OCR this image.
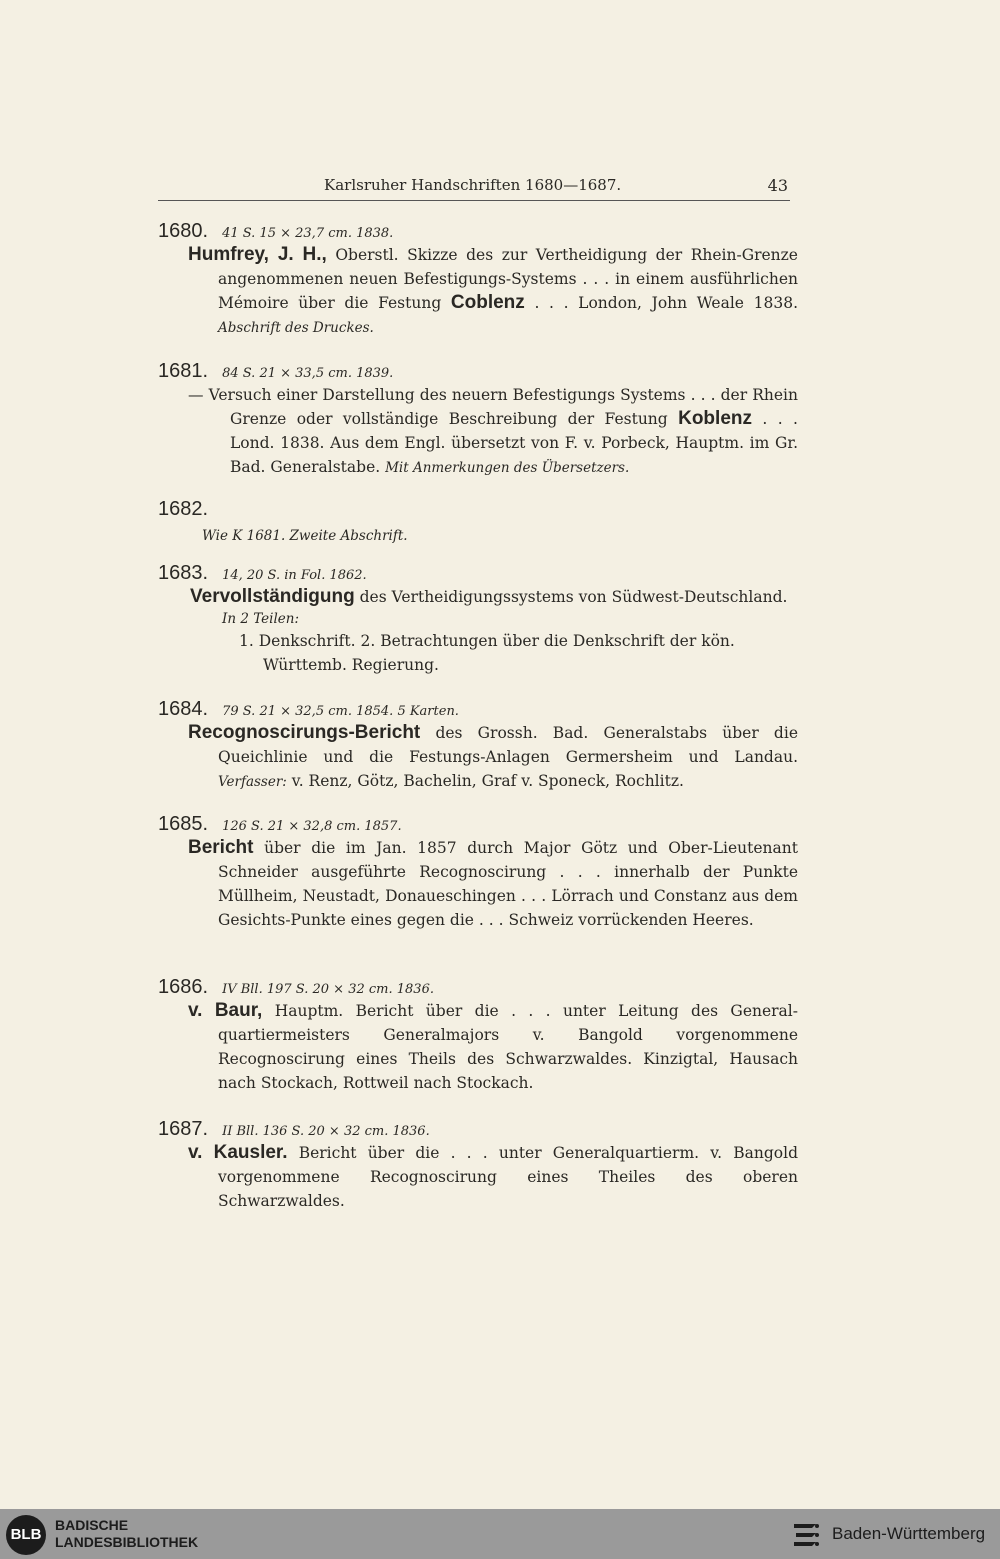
Karlsruher Handschriften 1680—1687.	43
1680. 41 S. 15 × 23,7 cm. 1838.
Humfrey, J. H., Oberstl. Skizze des zur Vertheidigung der Rhein-Grenze angenommenen neuen Befestigungs-Systems . . . in einem ausführlichen Mémoire über die Festung Coblenz . . . London, John Weale 1838. Abschrift des Druckes.
1681. 84 S. 21 × 33,5 cm. 1839.
— Versuch einer Darstellung des neuern Befestigungs Systems . . . der Rhein Grenze oder vollständige Beschreibung der Festung Koblenz . . . Lond. 1838. Aus dem Engl. übersetzt von F. v. Porbeck, Hauptm. im Gr. Bad. Generalstabe. Mit Anmerkungen des Übersetzers.
1682.
Wie K 1681. Zweite Abschrift.
1683. 14, 20 S. in Fol. 1862.
Vervollständigung des Vertheidigungssystems von Südwest-Deutschland.
In 2 Teilen:
1. Denkschrift. 2. Betrachtungen über die Denkschrift der kön. Württemb. Regierung.
1684. 79 S. 21 × 32,5 cm. 1854. 5 Karten.
Recognoscirungs-Bericht des Grossh. Bad. Generalstabs über die Queichlinie und die Festungs-Anlagen Germersheim und Landau. Verfasser: v. Renz, Götz, Bachelin, Graf v. Sponeck, Rochlitz.
1685. 126 S. 21 × 32,8 cm. 1857.
Bericht über die im Jan. 1857 durch Major Götz und Ober-Lieutenant Schneider ausgeführte Recognoscirung . . . innerhalb der Punkte Müllheim, Neustadt, Donaueschingen . . . Lörrach und Constanz aus dem Gesichts-Punkte eines gegen die . . . Schweiz vorrückenden Heeres.
1686. IV Bll. 197 S. 20 × 32 cm. 1836.
v. Baur, Hauptm. Bericht über die . . . unter Leitung des General-quartiermeisters Generalmajors v. Bangold vorgenommene Recognoscirung eines Theils des Schwarzwaldes. Kinzigtal, Hausach nach Stockach, Rottweil nach Stockach.
1687. II Bll. 136 S. 20 × 32 cm. 1836.
v. Kausler. Bericht über die . . . unter Generalquartierm. v. Bangold vorgenommene Recognoscirung eines Theiles des oberen Schwarzwaldes.
BLB
BADISCHE
LANDESBIBLIOTHEK	Baden-Württemberg
